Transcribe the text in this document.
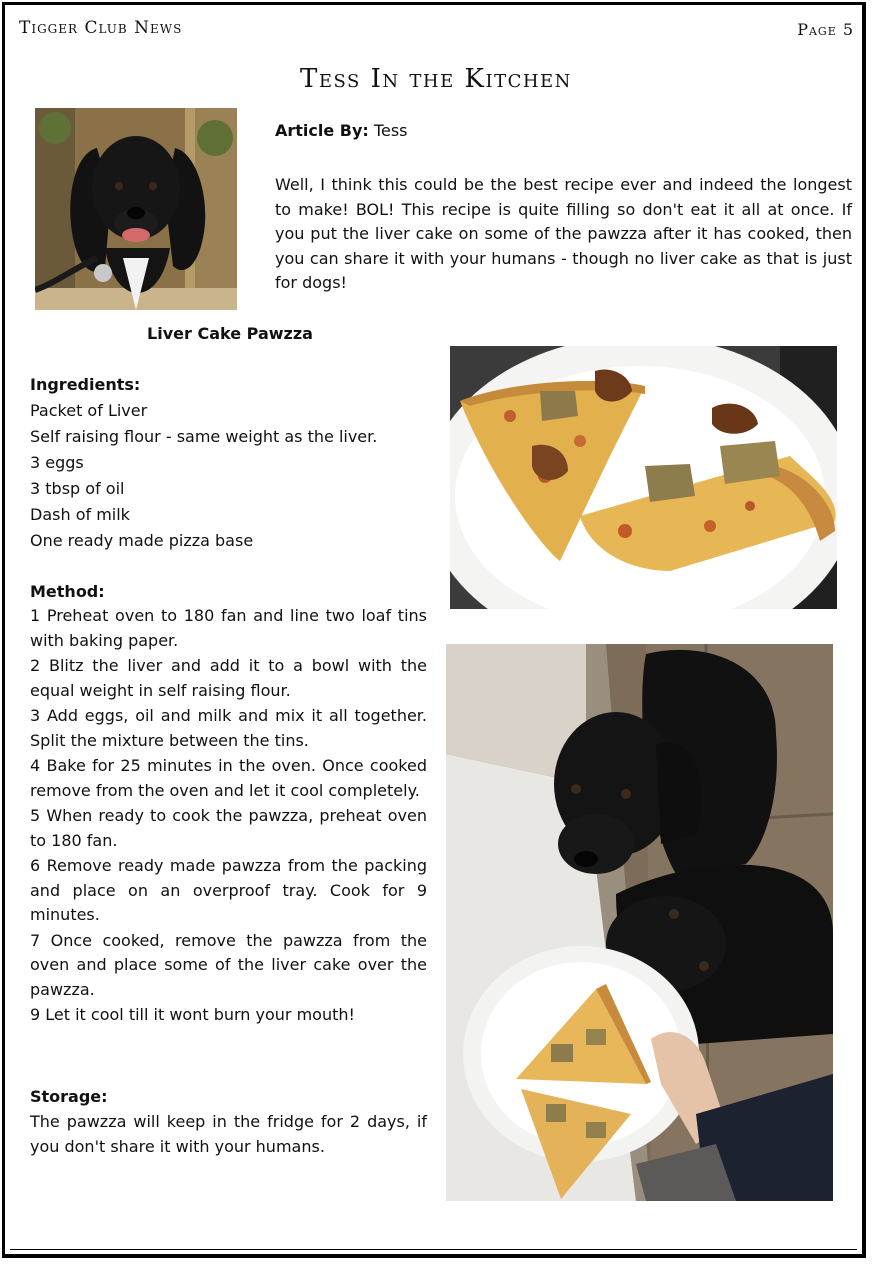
Tigger Club News	Page 5
Tess In the Kitchen
Article By: Tess
Well, I think this could be the best recipe ever and indeed the longest to make! BOL! This recipe is quite filling so don't eat it all at once. If you put the liver cake on some of the pawzza after it has cooked, then you can share it with your humans - though no liver cake as that is just for dogs!
Liver Cake Pawzza
Ingredients:
Packet of Liver
Self raising flour - same weight as the liver.
3 eggs
3 tbsp of oil
Dash of milk
One ready made pizza base
Method:
1 Preheat oven to 180 fan and line two loaf tins with baking paper.
2 Blitz the liver and add it to a bowl with the equal weight in self raising flour.
3 Add eggs, oil and milk and mix it all together. Split the mixture between the tins.
4 Bake for 25 minutes in the oven. Once cooked remove from the oven and let it cool completely.
5 When ready to cook the pawzza, preheat oven to 180 fan.
6 Remove ready made pawzza from the packing and place on an overproof tray. Cook for 9 minutes.
7 Once cooked, remove the pawzza from the oven and place some of the liver cake over the pawzza.
9 Let it cool till it wont burn your mouth!
Storage:
The pawzza will keep in the fridge for 2 days, if you don't share it with your humans.
